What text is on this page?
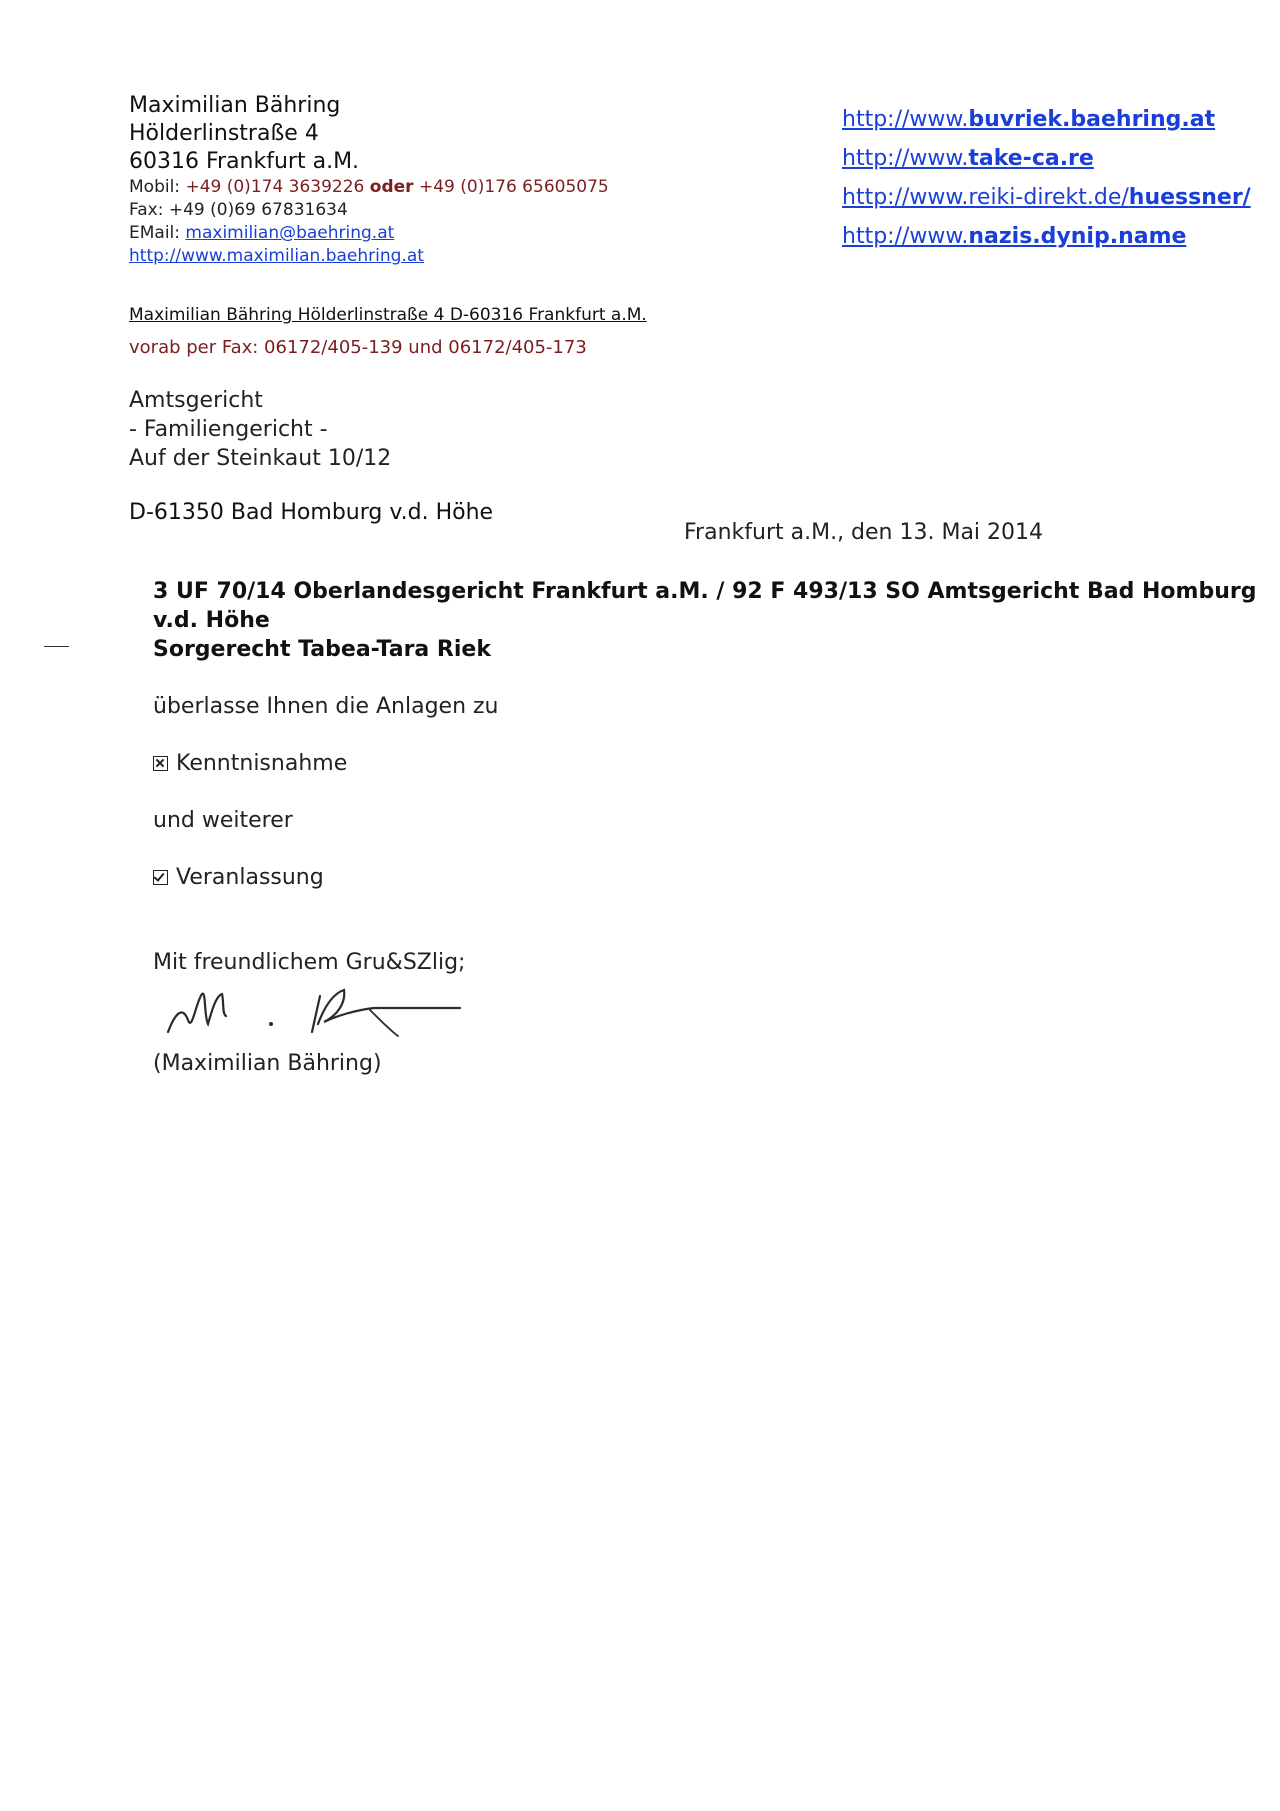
Maximilian Bähring
Hölderlinstraße 4
60316 Frankfurt a.M.
Mobil: +49 (0)174 3639226 oder +49 (0)176 65605075
Fax: +49 (0)69 67831634
EMail: maximilian@baehring.at
http://www.maximilian.baehring.at
http://www.buvriek.baehring.at
http://www.take-ca.re
http://www.reiki-direkt.de/huessner/
http://www.nazis.dynip.name
Maximilian Bähring Hölderlinstraße 4 D-60316 Frankfurt a.M.
vorab per Fax: 06172/405-139 und 06172/405-173
Amtsgericht
- Familiengericht -
Auf der Steinkaut 10/12
D-61350 Bad Homburg v.d. Höhe
Frankfurt a.M., den 13. Mai 2014
3 UF 70/14 Oberlandesgericht Frankfurt a.M. / 92 F 493/13 SO Amtsgericht Bad Homburg v.d. Höhe
Sorgerecht Tabea-Tara Riek
überlasse Ihnen die Anlagen zu
Kenntnisnahme
und weiterer
Veranlassung
Mit freundlichem Gru&SZlig;
(Maximilian Bähring)
